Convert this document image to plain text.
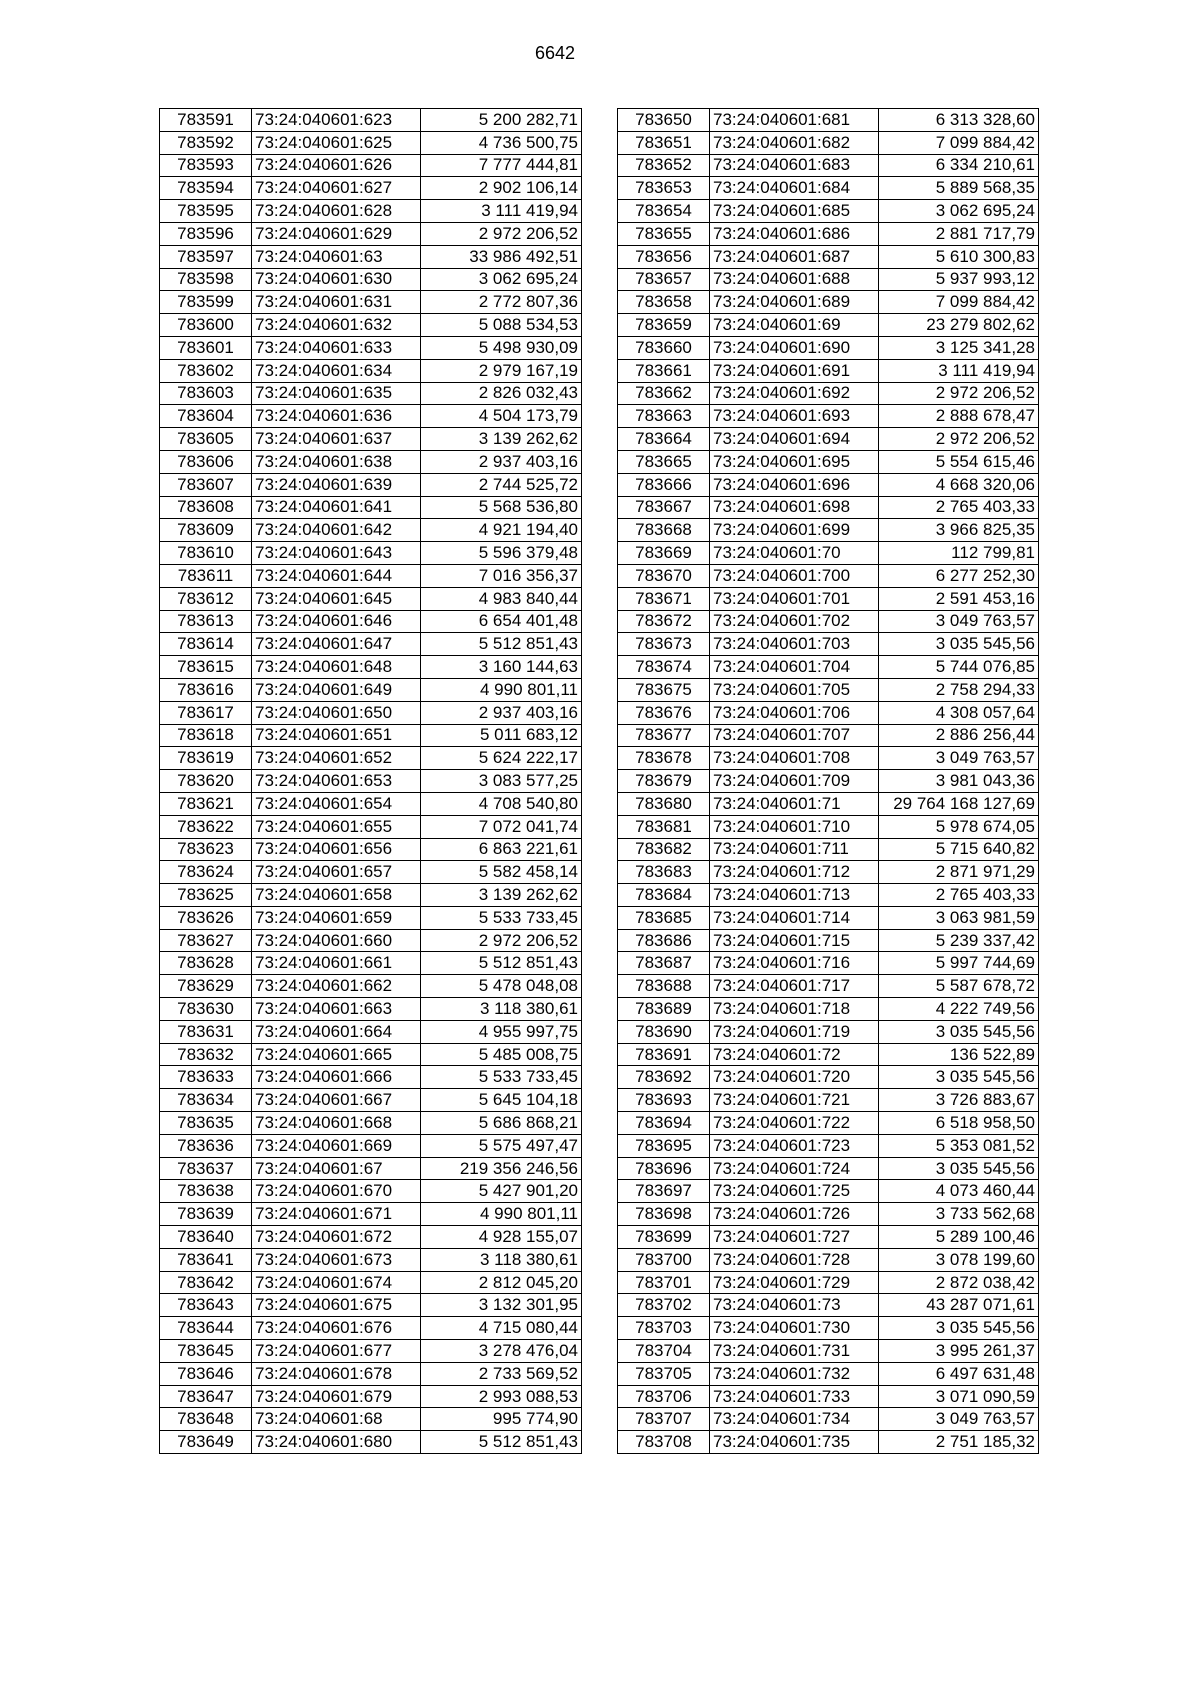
6642
783591	73:24:040601:623	5 200 282,71
783592	73:24:040601:625	4 736 500,75
783593	73:24:040601:626	7 777 444,81
783594	73:24:040601:627	2 902 106,14
783595	73:24:040601:628	3 111 419,94
783596	73:24:040601:629	2 972 206,52
783597	73:24:040601:63	33 986 492,51
783598	73:24:040601:630	3 062 695,24
783599	73:24:040601:631	2 772 807,36
783600	73:24:040601:632	5 088 534,53
783601	73:24:040601:633	5 498 930,09
783602	73:24:040601:634	2 979 167,19
783603	73:24:040601:635	2 826 032,43
783604	73:24:040601:636	4 504 173,79
783605	73:24:040601:637	3 139 262,62
783606	73:24:040601:638	2 937 403,16
783607	73:24:040601:639	2 744 525,72
783608	73:24:040601:641	5 568 536,80
783609	73:24:040601:642	4 921 194,40
783610	73:24:040601:643	5 596 379,48
783611	73:24:040601:644	7 016 356,37
783612	73:24:040601:645	4 983 840,44
783613	73:24:040601:646	6 654 401,48
783614	73:24:040601:647	5 512 851,43
783615	73:24:040601:648	3 160 144,63
783616	73:24:040601:649	4 990 801,11
783617	73:24:040601:650	2 937 403,16
783618	73:24:040601:651	5 011 683,12
783619	73:24:040601:652	5 624 222,17
783620	73:24:040601:653	3 083 577,25
783621	73:24:040601:654	4 708 540,80
783622	73:24:040601:655	7 072 041,74
783623	73:24:040601:656	6 863 221,61
783624	73:24:040601:657	5 582 458,14
783625	73:24:040601:658	3 139 262,62
783626	73:24:040601:659	5 533 733,45
783627	73:24:040601:660	2 972 206,52
783628	73:24:040601:661	5 512 851,43
783629	73:24:040601:662	5 478 048,08
783630	73:24:040601:663	3 118 380,61
783631	73:24:040601:664	4 955 997,75
783632	73:24:040601:665	5 485 008,75
783633	73:24:040601:666	5 533 733,45
783634	73:24:040601:667	5 645 104,18
783635	73:24:040601:668	5 686 868,21
783636	73:24:040601:669	5 575 497,47
783637	73:24:040601:67	219 356 246,56
783638	73:24:040601:670	5 427 901,20
783639	73:24:040601:671	4 990 801,11
783640	73:24:040601:672	4 928 155,07
783641	73:24:040601:673	3 118 380,61
783642	73:24:040601:674	2 812 045,20
783643	73:24:040601:675	3 132 301,95
783644	73:24:040601:676	4 715 080,44
783645	73:24:040601:677	3 278 476,04
783646	73:24:040601:678	2 733 569,52
783647	73:24:040601:679	2 993 088,53
783648	73:24:040601:68	995 774,90
783649	73:24:040601:680	5 512 851,43
783650	73:24:040601:681	6 313 328,60
783651	73:24:040601:682	7 099 884,42
783652	73:24:040601:683	6 334 210,61
783653	73:24:040601:684	5 889 568,35
783654	73:24:040601:685	3 062 695,24
783655	73:24:040601:686	2 881 717,79
783656	73:24:040601:687	5 610 300,83
783657	73:24:040601:688	5 937 993,12
783658	73:24:040601:689	7 099 884,42
783659	73:24:040601:69	23 279 802,62
783660	73:24:040601:690	3 125 341,28
783661	73:24:040601:691	3 111 419,94
783662	73:24:040601:692	2 972 206,52
783663	73:24:040601:693	2 888 678,47
783664	73:24:040601:694	2 972 206,52
783665	73:24:040601:695	5 554 615,46
783666	73:24:040601:696	4 668 320,06
783667	73:24:040601:698	2 765 403,33
783668	73:24:040601:699	3 966 825,35
783669	73:24:040601:70	112 799,81
783670	73:24:040601:700	6 277 252,30
783671	73:24:040601:701	2 591 453,16
783672	73:24:040601:702	3 049 763,57
783673	73:24:040601:703	3 035 545,56
783674	73:24:040601:704	5 744 076,85
783675	73:24:040601:705	2 758 294,33
783676	73:24:040601:706	4 308 057,64
783677	73:24:040601:707	2 886 256,44
783678	73:24:040601:708	3 049 763,57
783679	73:24:040601:709	3 981 043,36
783680	73:24:040601:71	29 764 168 127,69
783681	73:24:040601:710	5 978 674,05
783682	73:24:040601:711	5 715 640,82
783683	73:24:040601:712	2 871 971,29
783684	73:24:040601:713	2 765 403,33
783685	73:24:040601:714	3 063 981,59
783686	73:24:040601:715	5 239 337,42
783687	73:24:040601:716	5 997 744,69
783688	73:24:040601:717	5 587 678,72
783689	73:24:040601:718	4 222 749,56
783690	73:24:040601:719	3 035 545,56
783691	73:24:040601:72	136 522,89
783692	73:24:040601:720	3 035 545,56
783693	73:24:040601:721	3 726 883,67
783694	73:24:040601:722	6 518 958,50
783695	73:24:040601:723	5 353 081,52
783696	73:24:040601:724	3 035 545,56
783697	73:24:040601:725	4 073 460,44
783698	73:24:040601:726	3 733 562,68
783699	73:24:040601:727	5 289 100,46
783700	73:24:040601:728	3 078 199,60
783701	73:24:040601:729	2 872 038,42
783702	73:24:040601:73	43 287 071,61
783703	73:24:040601:730	3 035 545,56
783704	73:24:040601:731	3 995 261,37
783705	73:24:040601:732	6 497 631,48
783706	73:24:040601:733	3 071 090,59
783707	73:24:040601:734	3 049 763,57
783708	73:24:040601:735	2 751 185,32
